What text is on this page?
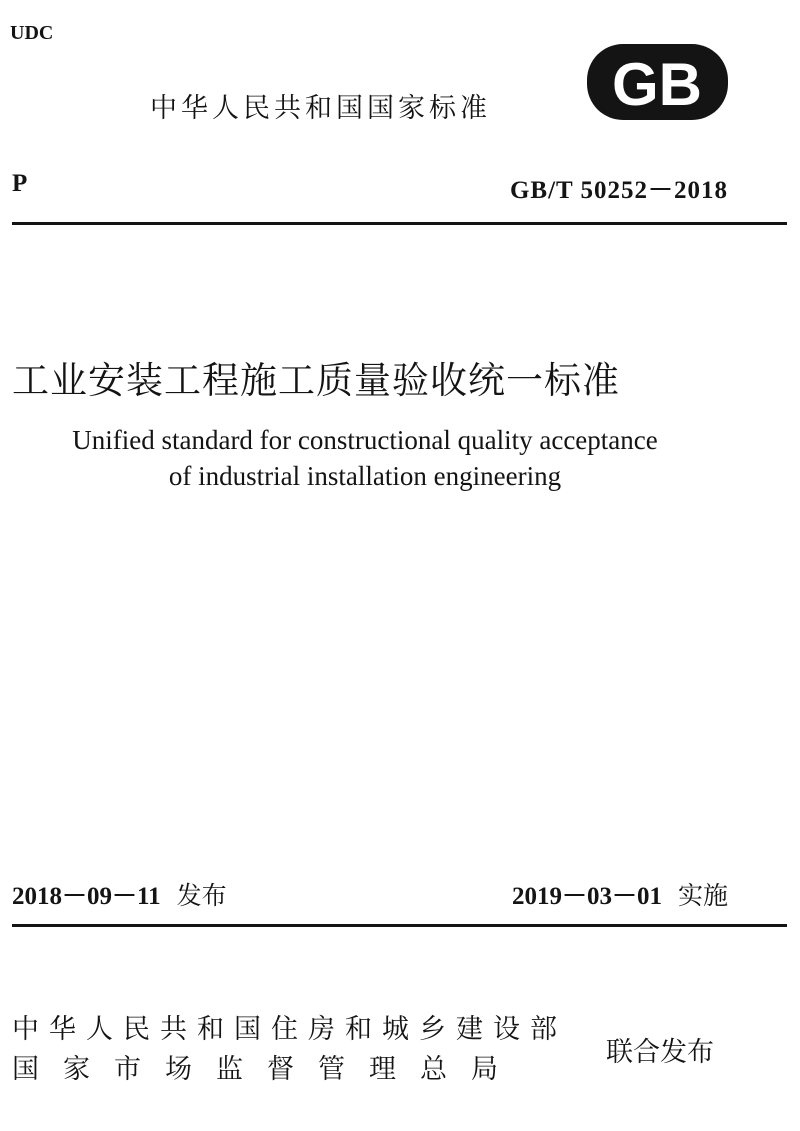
UDC
中华人民共和国国家标准 GB
P	GB/T 50252－2018
工业安装工程施工质量验收统一标准
Unified standard for constructional quality acceptance
of industrial installation engineering
2018－09－11 发布	2019－03－01 实施
中华人民共和国住房和城乡建设部
国家市场监督管理总局
联合发布
